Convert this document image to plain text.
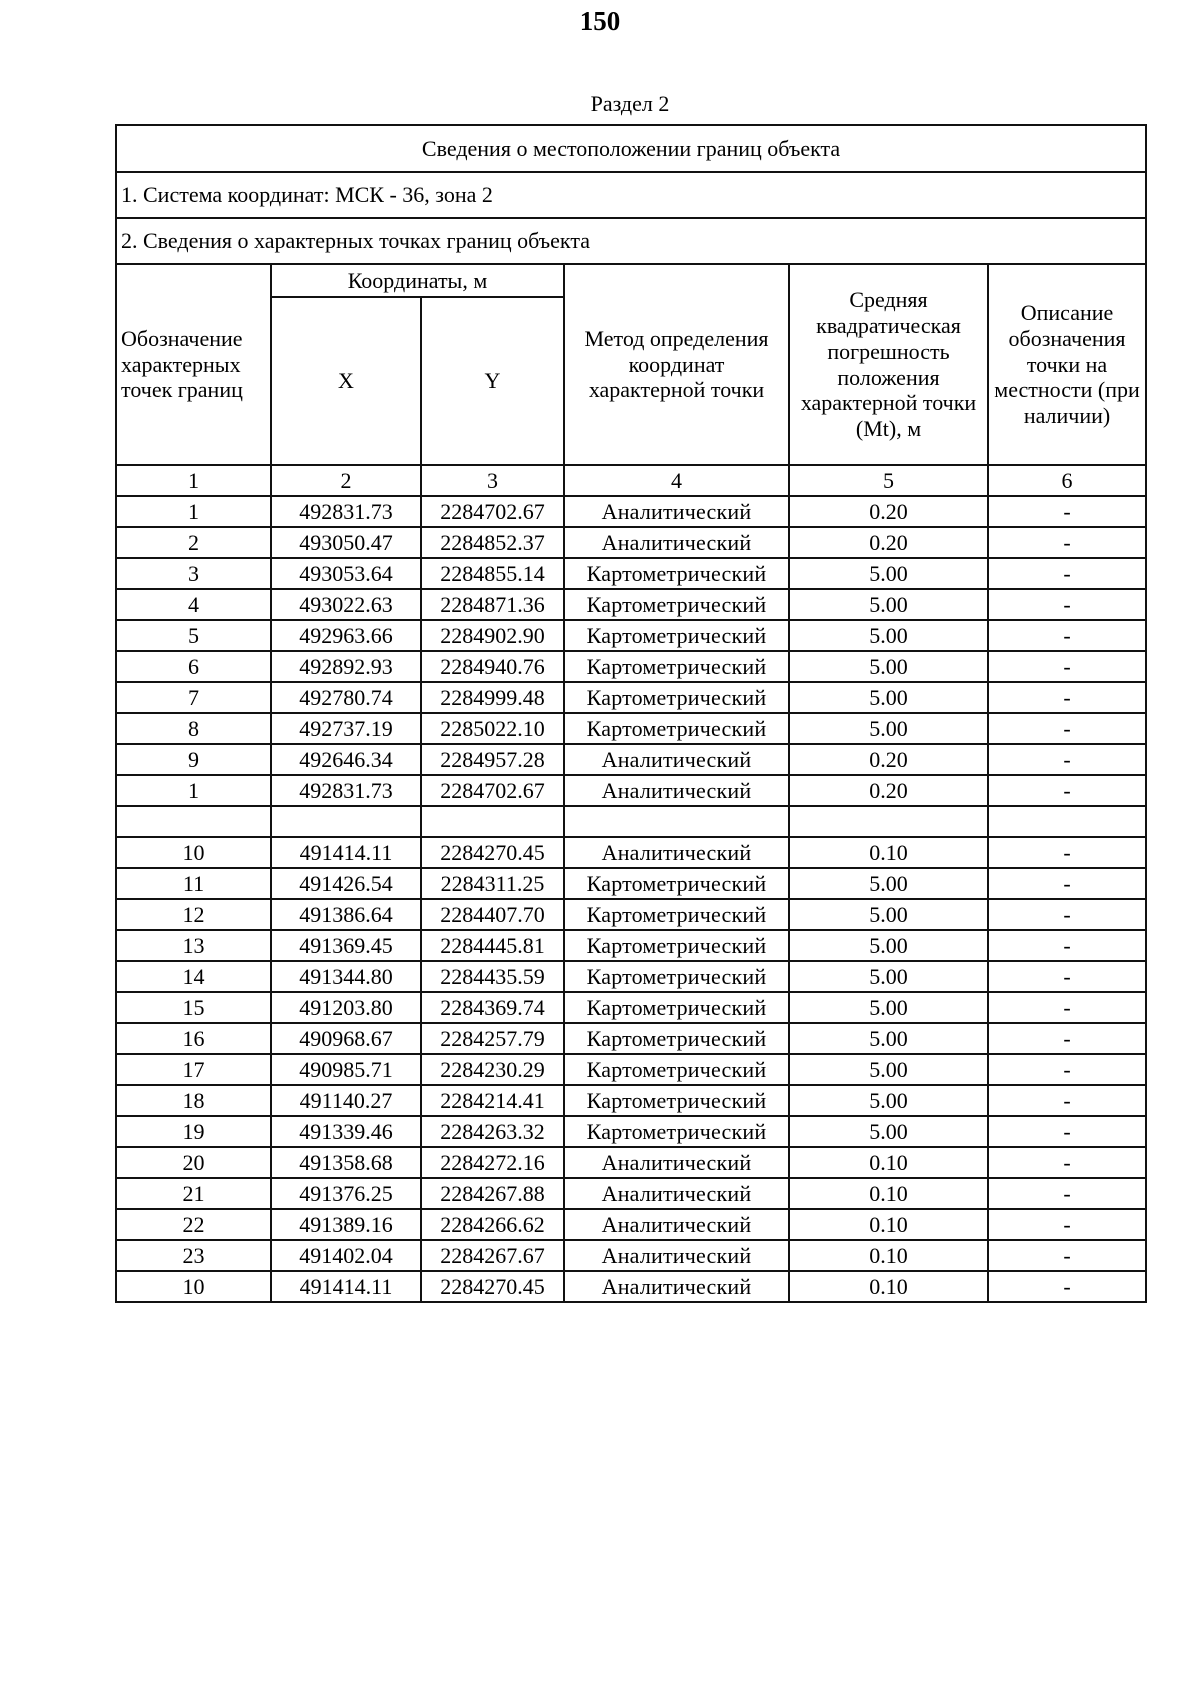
150
Раздел 2
Сведения о местоположении границ объекта					
1. Система координат: МСК - 36, зона 2					
2. Сведения о характерных точках границ объекта					
Обозначение характерных точек границ	Координаты, м		Метод определения координат характерной точки	Средняя квадратическая погрешность положения характерной точки (Mt), м	Описание обозначения точки на местности (при наличии)
	X	Y			
1	2	3	4	5	6
1	492831.73	2284702.67	Аналитический	0.20	-
2	493050.47	2284852.37	Аналитический	0.20	-
3	493053.64	2284855.14	Картометрический	5.00	-
4	493022.63	2284871.36	Картометрический	5.00	-
5	492963.66	2284902.90	Картометрический	5.00	-
6	492892.93	2284940.76	Картометрический	5.00	-
7	492780.74	2284999.48	Картометрический	5.00	-
8	492737.19	2285022.10	Картометрический	5.00	-
9	492646.34	2284957.28	Аналитический	0.20	-
1	492831.73	2284702.67	Аналитический	0.20	-

10	491414.11	2284270.45	Аналитический	0.10	-
11	491426.54	2284311.25	Картометрический	5.00	-
12	491386.64	2284407.70	Картометрический	5.00	-
13	491369.45	2284445.81	Картометрический	5.00	-
14	491344.80	2284435.59	Картометрический	5.00	-
15	491203.80	2284369.74	Картометрический	5.00	-
16	490968.67	2284257.79	Картометрический	5.00	-
17	490985.71	2284230.29	Картометрический	5.00	-
18	491140.27	2284214.41	Картометрический	5.00	-
19	491339.46	2284263.32	Картометрический	5.00	-
20	491358.68	2284272.16	Аналитический	0.10	-
21	491376.25	2284267.88	Аналитический	0.10	-
22	491389.16	2284266.62	Аналитический	0.10	-
23	491402.04	2284267.67	Аналитический	0.10	-
10	491414.11	2284270.45	Аналитический	0.10	-
